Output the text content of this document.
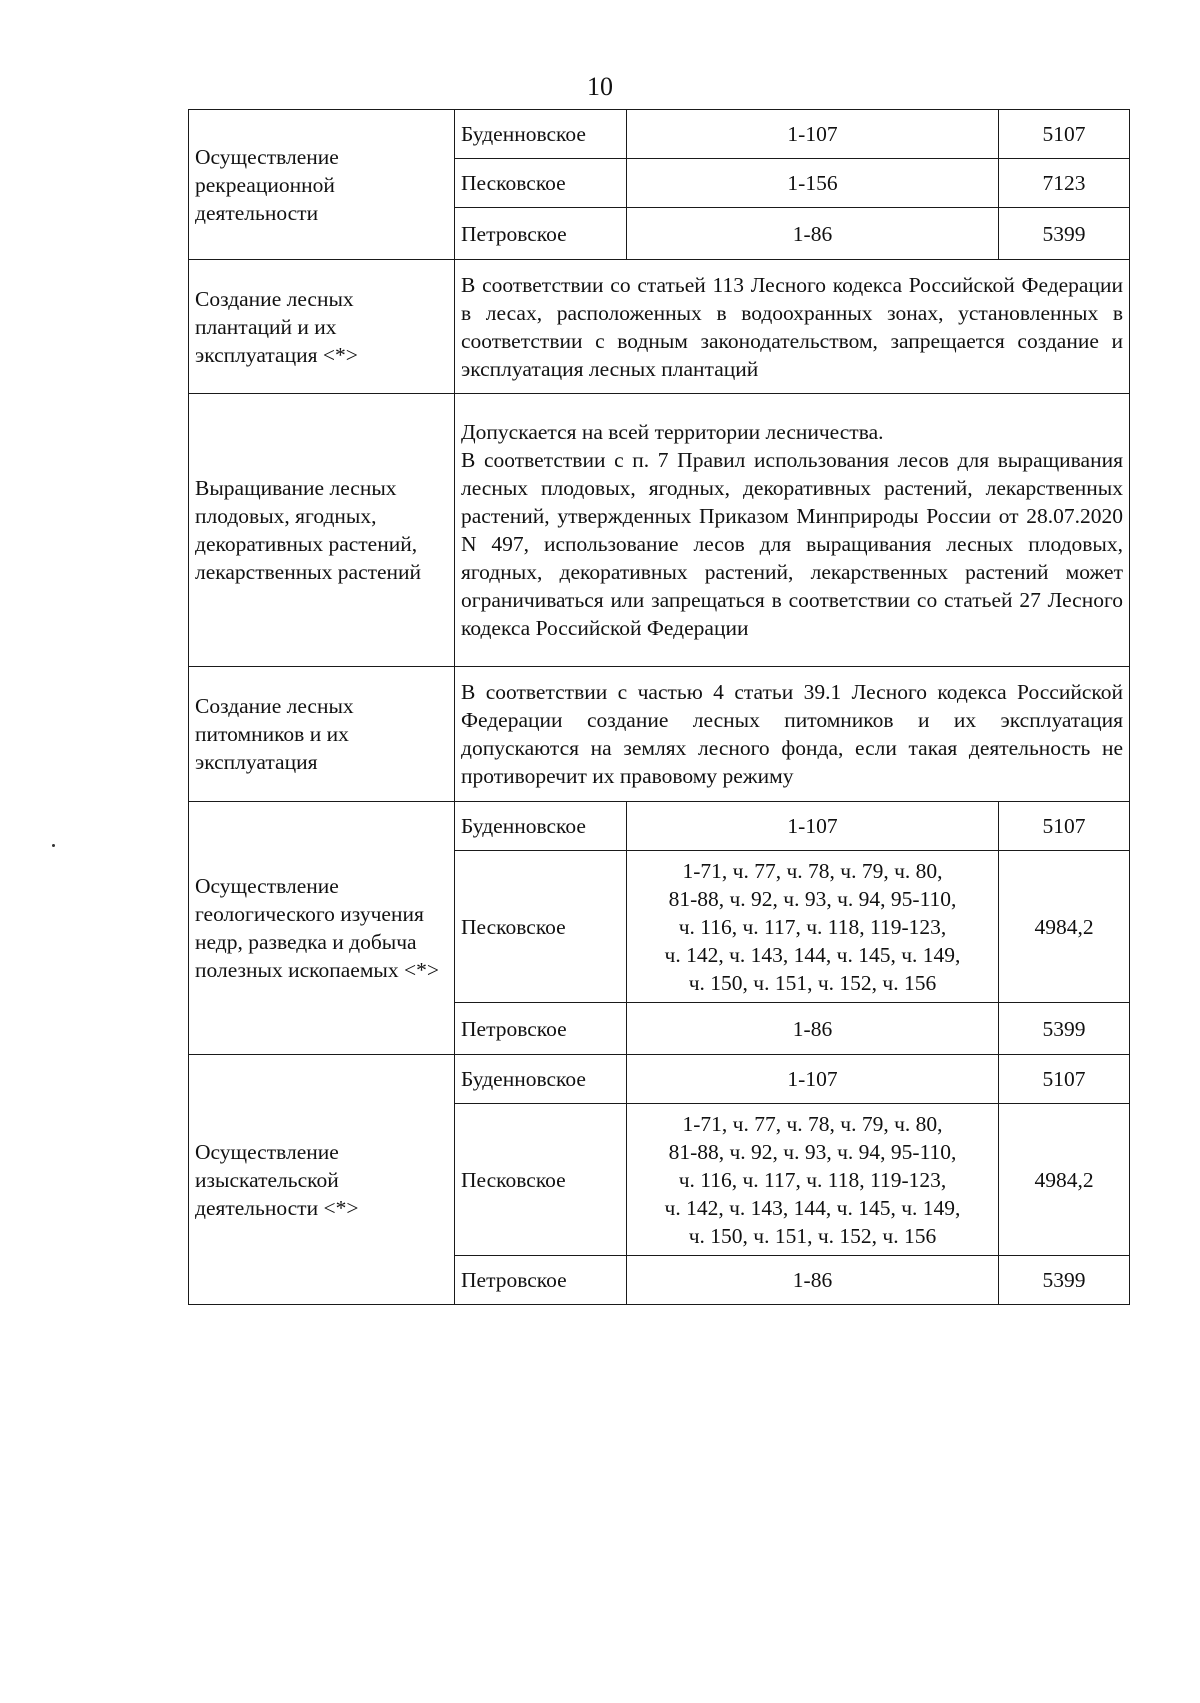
10
Осуществление рекреационной деятельности	Буденновское	1-107	5107
	Песковское	1-156	7123
	Петровское	1-86	5399
Создание лесных плантаций и их эксплуатация <*>	В соответствии со статьей 113 Лесного кодекса Российской Федерации в лесах, расположенных в водоохранных зонах, установленных в соответствии с водным законодательством, запрещается создание и эксплуатация лесных плантаций		
Выращивание лесных плодовых, ягодных, декоративных растений, лекарственных растений	Допускается на всей территории лесничества.
В соответствии с п. 7 Правил использования лесов для выращивания лесных плодовых, ягодных, декоративных растений, лекарственных растений, утвержденных Приказом Минприроды России от 28.07.2020 N 497, использование лесов для выращивания лесных плодовых, ягодных, декоративных растений, лекарственных растений может ограничиваться или запрещаться в соответствии со статьей 27 Лесного кодекса Российской Федерации		

Создание лесных питомников и их эксплуатация	В соответствии с частью 4 статьи 39.1 Лесного кодекса Российской Федерации создание лесных питомников и их эксплуатация допускаются на землях лесного фонда, если такая деятельность не противоречит их правовому режиму		
Осуществление геологического изучения недр, разведка и добыча полезных ископаемых <*>	Буденновское	1-107	5107
	Песковское	1-71, ч. 77, ч. 78, ч. 79, ч. 80,
81-88, ч. 92, ч. 93, ч. 94, 95-110,
ч. 116, ч. 117, ч. 118, 119-123,
ч. 142, ч. 143, 144, ч. 145, ч. 149,
ч. 150, ч. 151, ч. 152, ч. 156	4984,2
	Петровское	1-86	5399
Осуществление изыскательской деятельности <*>	Буденновское	1-107	5107
	Песковское	1-71, ч. 77, ч. 78, ч. 79, ч. 80,
81-88, ч. 92, ч. 93, ч. 94, 95-110,
ч. 116, ч. 117, ч. 118, 119-123,
ч. 142, ч. 143, 144, ч. 145, ч. 149,
ч. 150, ч. 151, ч. 152, ч. 156	4984,2
	Петровское	1-86	5399
